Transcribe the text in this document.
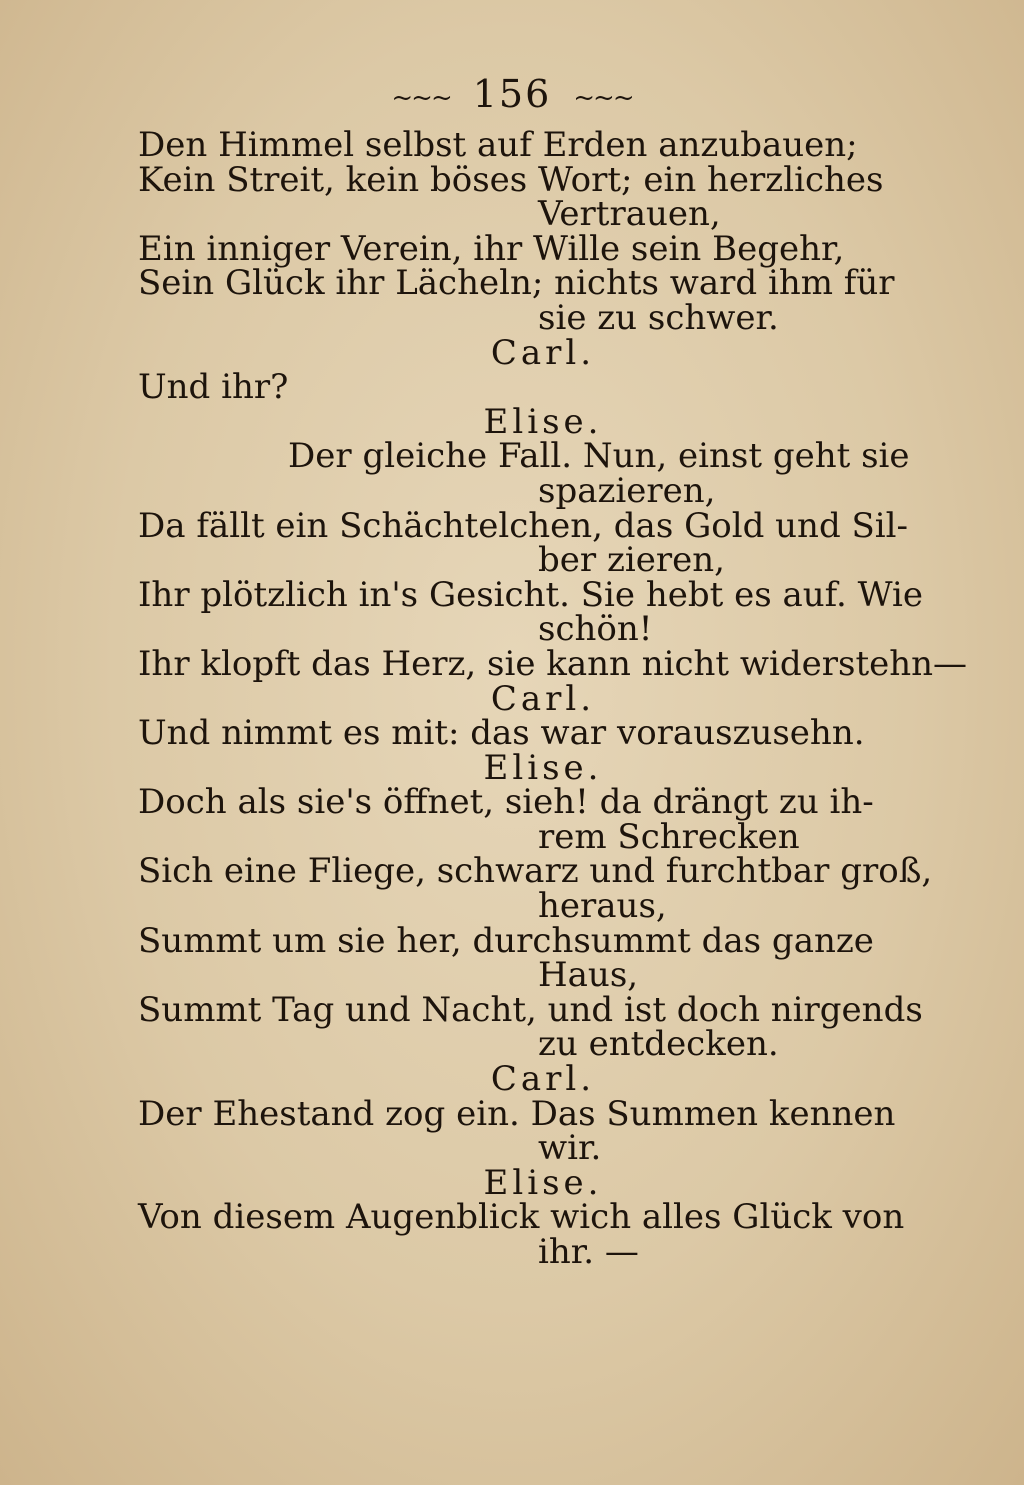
~~~ 156 ~~~
Den Himmel selbst auf Erden anzubauen;
Kein Streit, kein böses Wort; ein herzliches
Vertrauen,
Ein inniger Verein, ihr Wille sein Begehr,
Sein Glück ihr Lächeln; nichts ward ihm für
sie zu schwer.
Carl.
Und ihr?
Elise.
Der gleiche Fall. Nun, einst geht sie
spazieren,
Da fällt ein Schächtelchen, das Gold und Sil-
ber zieren,
Ihr plötzlich in's Gesicht. Sie hebt es auf. Wie
schön!
Ihr klopft das Herz, sie kann nicht widerstehn—
Carl.
Und nimmt es mit: das war vorauszusehn.
Elise.
Doch als sie's öffnet, sieh! da drängt zu ih-
rem Schrecken
Sich eine Fliege, schwarz und furchtbar groß,
heraus,
Summt um sie her, durchsummt das ganze
Haus,
Summt Tag und Nacht, und ist doch nirgends
zu entdecken.
Carl.
Der Ehestand zog ein. Das Summen kennen
wir.
Elise.
Von diesem Augenblick wich alles Glück von
ihr. —
